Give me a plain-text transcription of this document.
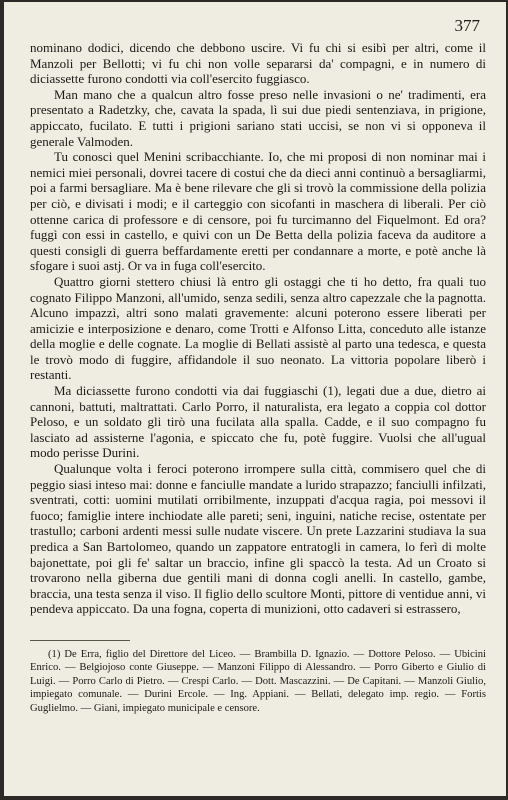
377

nominano dodici, dicendo che debbono uscire. Vi fu chi si esibì per altri, come il Manzoli per Bellotti; vi fu chi non volle separarsi da' compagni, e in numero di diciassette furono condotti via coll'esercito fuggiasco.

Man mano che a qualcun altro fosse preso nelle invasioni o ne' tradimenti, era presentato a Radetzky, che, cavata la spada, lì sui due piedi sentenziava, in prigione, appiccato, fucilato. E tutti i prigioni sariano stati uccisi, se non vi si opponeva il generale Valmoden.

Tu conosci quel Menini scribacchiante. Io, che mi proposi di non nominar mai i nemici miei personali, dovrei tacere di costui che da dieci anni continuò a bersagliarmi, poi a farmi bersagliare. Ma è bene rilevare che gli si trovò la commissione della polizia per ciò, e divisati i modi; e il carteggio con sicofanti in maschera di liberali. Per ciò ottenne carica di professore e di censore, poi fu turcimanno del Fiquelmont. Ed ora? fuggì con essi in castello, e quivi con un De Betta della polizia faceva da auditore a questi consigli di guerra beffardamente eretti per condannare a morte, e potè anche là sfogare i suoi astj. Or va in fuga coll'esercito.

Quattro giorni stettero chiusi là entro gli ostaggi che ti ho detto, fra quali tuo cognato Filippo Manzoni, all'umido, senza sedili, senza altro capezzale che la pagnotta. Alcuno impazzì, altri sono malati gravemente: alcuni poterono essere liberati per amicizie e interposizione e denaro, come Trotti e Alfonso Litta, conceduto alle istanze della moglie e delle cognate. La moglie di Bellati assistè al parto una tedesca, e questa le trovò modo di fuggire, affidandole il suo neonato. La vittoria popolare liberò i restanti.

Ma diciassette furono condotti via dai fuggiaschi (1), legati due a due, dietro ai cannoni, battuti, maltrattati. Carlo Porro, il naturalista, era legato a coppia col dottor Peloso, e un soldato gli tirò una fucilata alla spalla. Cadde, e il suo compagno fu lasciato ad assisterne l'agonia, e spiccato che fu, potè fuggire. Vuolsi che all'ugual modo perisse Durini.

Qualunque volta i feroci poterono irrompere sulla città, commisero quel che di peggio siasi inteso mai: donne e fanciulle mandate a lurido strapazzo; fanciulli infilzati, sventrati, cotti: uomini mutilati orribilmente, inzuppati d'acqua ragia, poi messovi il fuoco; famiglie intere inchiodate alle pareti; seni, inguini, natiche recise, ostentate per trastullo; carboni ardenti messi sulle nudate viscere. Un prete Lazzarini studiava la sua predica a San Bartolomeo, quando un zappatore entratogli in camera, lo ferì di molte bajonettate, poi gli fe' saltar un braccio, infine gli spaccò la testa. Ad un Croato si trovarono nella giberna due gentili mani di donna cogli anelli. In castello, gambe, braccia, una testa senza il viso. Il figlio dello scultore Monti, pittore di ventidue anni, vi pendeva appiccato. Da una fogna, coperta di munizioni, otto cadaveri si estrassero,

(1) De Erra, figlio del Direttore del Liceo. — Brambilla D. Ignazio. — Dottore Peloso. — Ubicini Enrico. — Belgiojoso conte Giuseppe. — Manzoni Filippo di Alessandro. — Porro Giberto e Giulio di Luigi. — Porro Carlo di Pietro. — Crespi Carlo. — Dott. Mascazzini. — De Capitani. — Manzoli Giulio, impiegato comunale. — Durini Ercole. — Ing. Appiani. — Bellati, delegato imp. regio. — Fortis Guglielmo. — Giani, impiegato municipale e censore.
